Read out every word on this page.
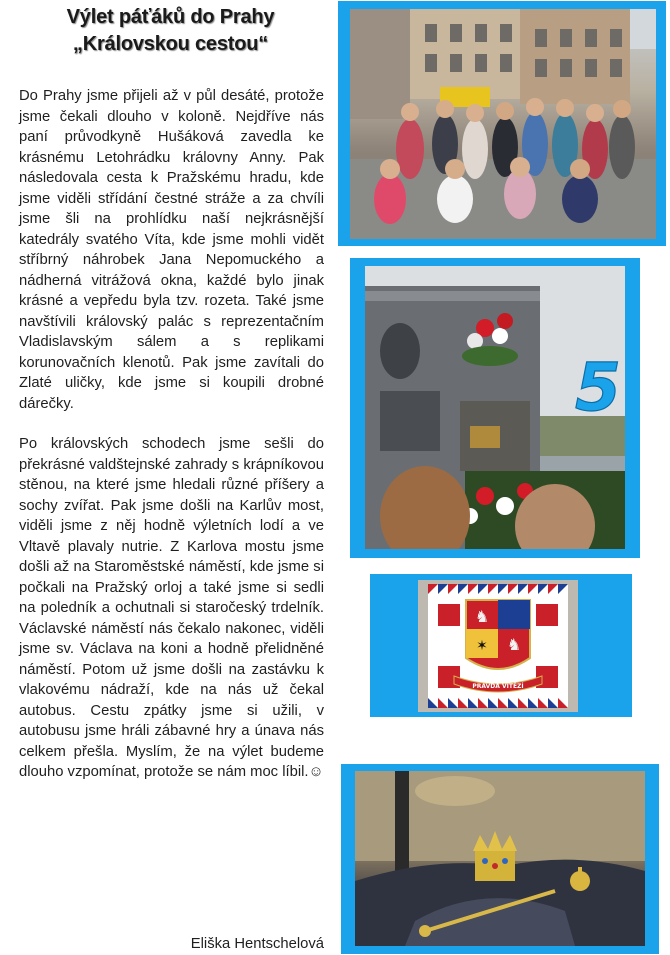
Výlet páťáků do Prahy
„Královskou cestou“

Do Prahy jsme přijeli až v půl desáté, protože jsme čekali dlouho v koloně. Nejdříve nás paní průvodkyně Hušáková zavedla ke krásnému Letohrádku královny Anny. Pak následovala cesta k Pražskému hradu, kde jsme viděli střídání čestné stráže a za chvíli jsme šli na prohlídku naší nejkrásnější katedrály svatého Víta, kde jsme mohli vidět stříbrný náhrobek Jana Nepomuckého a nádherná vitrážová okna, každé bylo jinak krásné a vepředu byla tzv. rozeta. Také jsme navštívili královský palác s reprezentačním Vladislavským sálem a s replikami korunovačních klenotů. Pak jsme zavítali do Zlaté uličky, kde jsme si koupili drobné dárečky.

Po královských schodech jsme sešli do překrásné valdštejnské zahrady s krápníkovou stěnou, na které jsme hledali různé příšery a sochy zvířat. Pak jsme došli na Karlův most, viděli jsme z něj hodně výletních lodí a ve Vltavě plavaly nutrie. Z Karlova mostu jsme došli až na Staroměstské náměstí, kde jsme si počkali na Pražský orloj a také jsme si sedli na poledník a ochutnali si staročeský trdelník. Václavské náměstí nás čekalo nakonec, viděli jsme sv. Václava na koni a hodně přelidněné náměstí. Potom už jsme došli na zastávku k vlakovému nádraží, kde na nás už čekal autobus. Cestu zpátky jsme si užili, v autobusu jsme hráli zábavné hry a únava nás celkem přešla. Myslím, že na výlet budeme dlouho vzpomínat, protože se nám moc líbil.☺

Eliška Hentschelová
5
♞
♞
✶
PRAVDA VÍTĚZÍ
